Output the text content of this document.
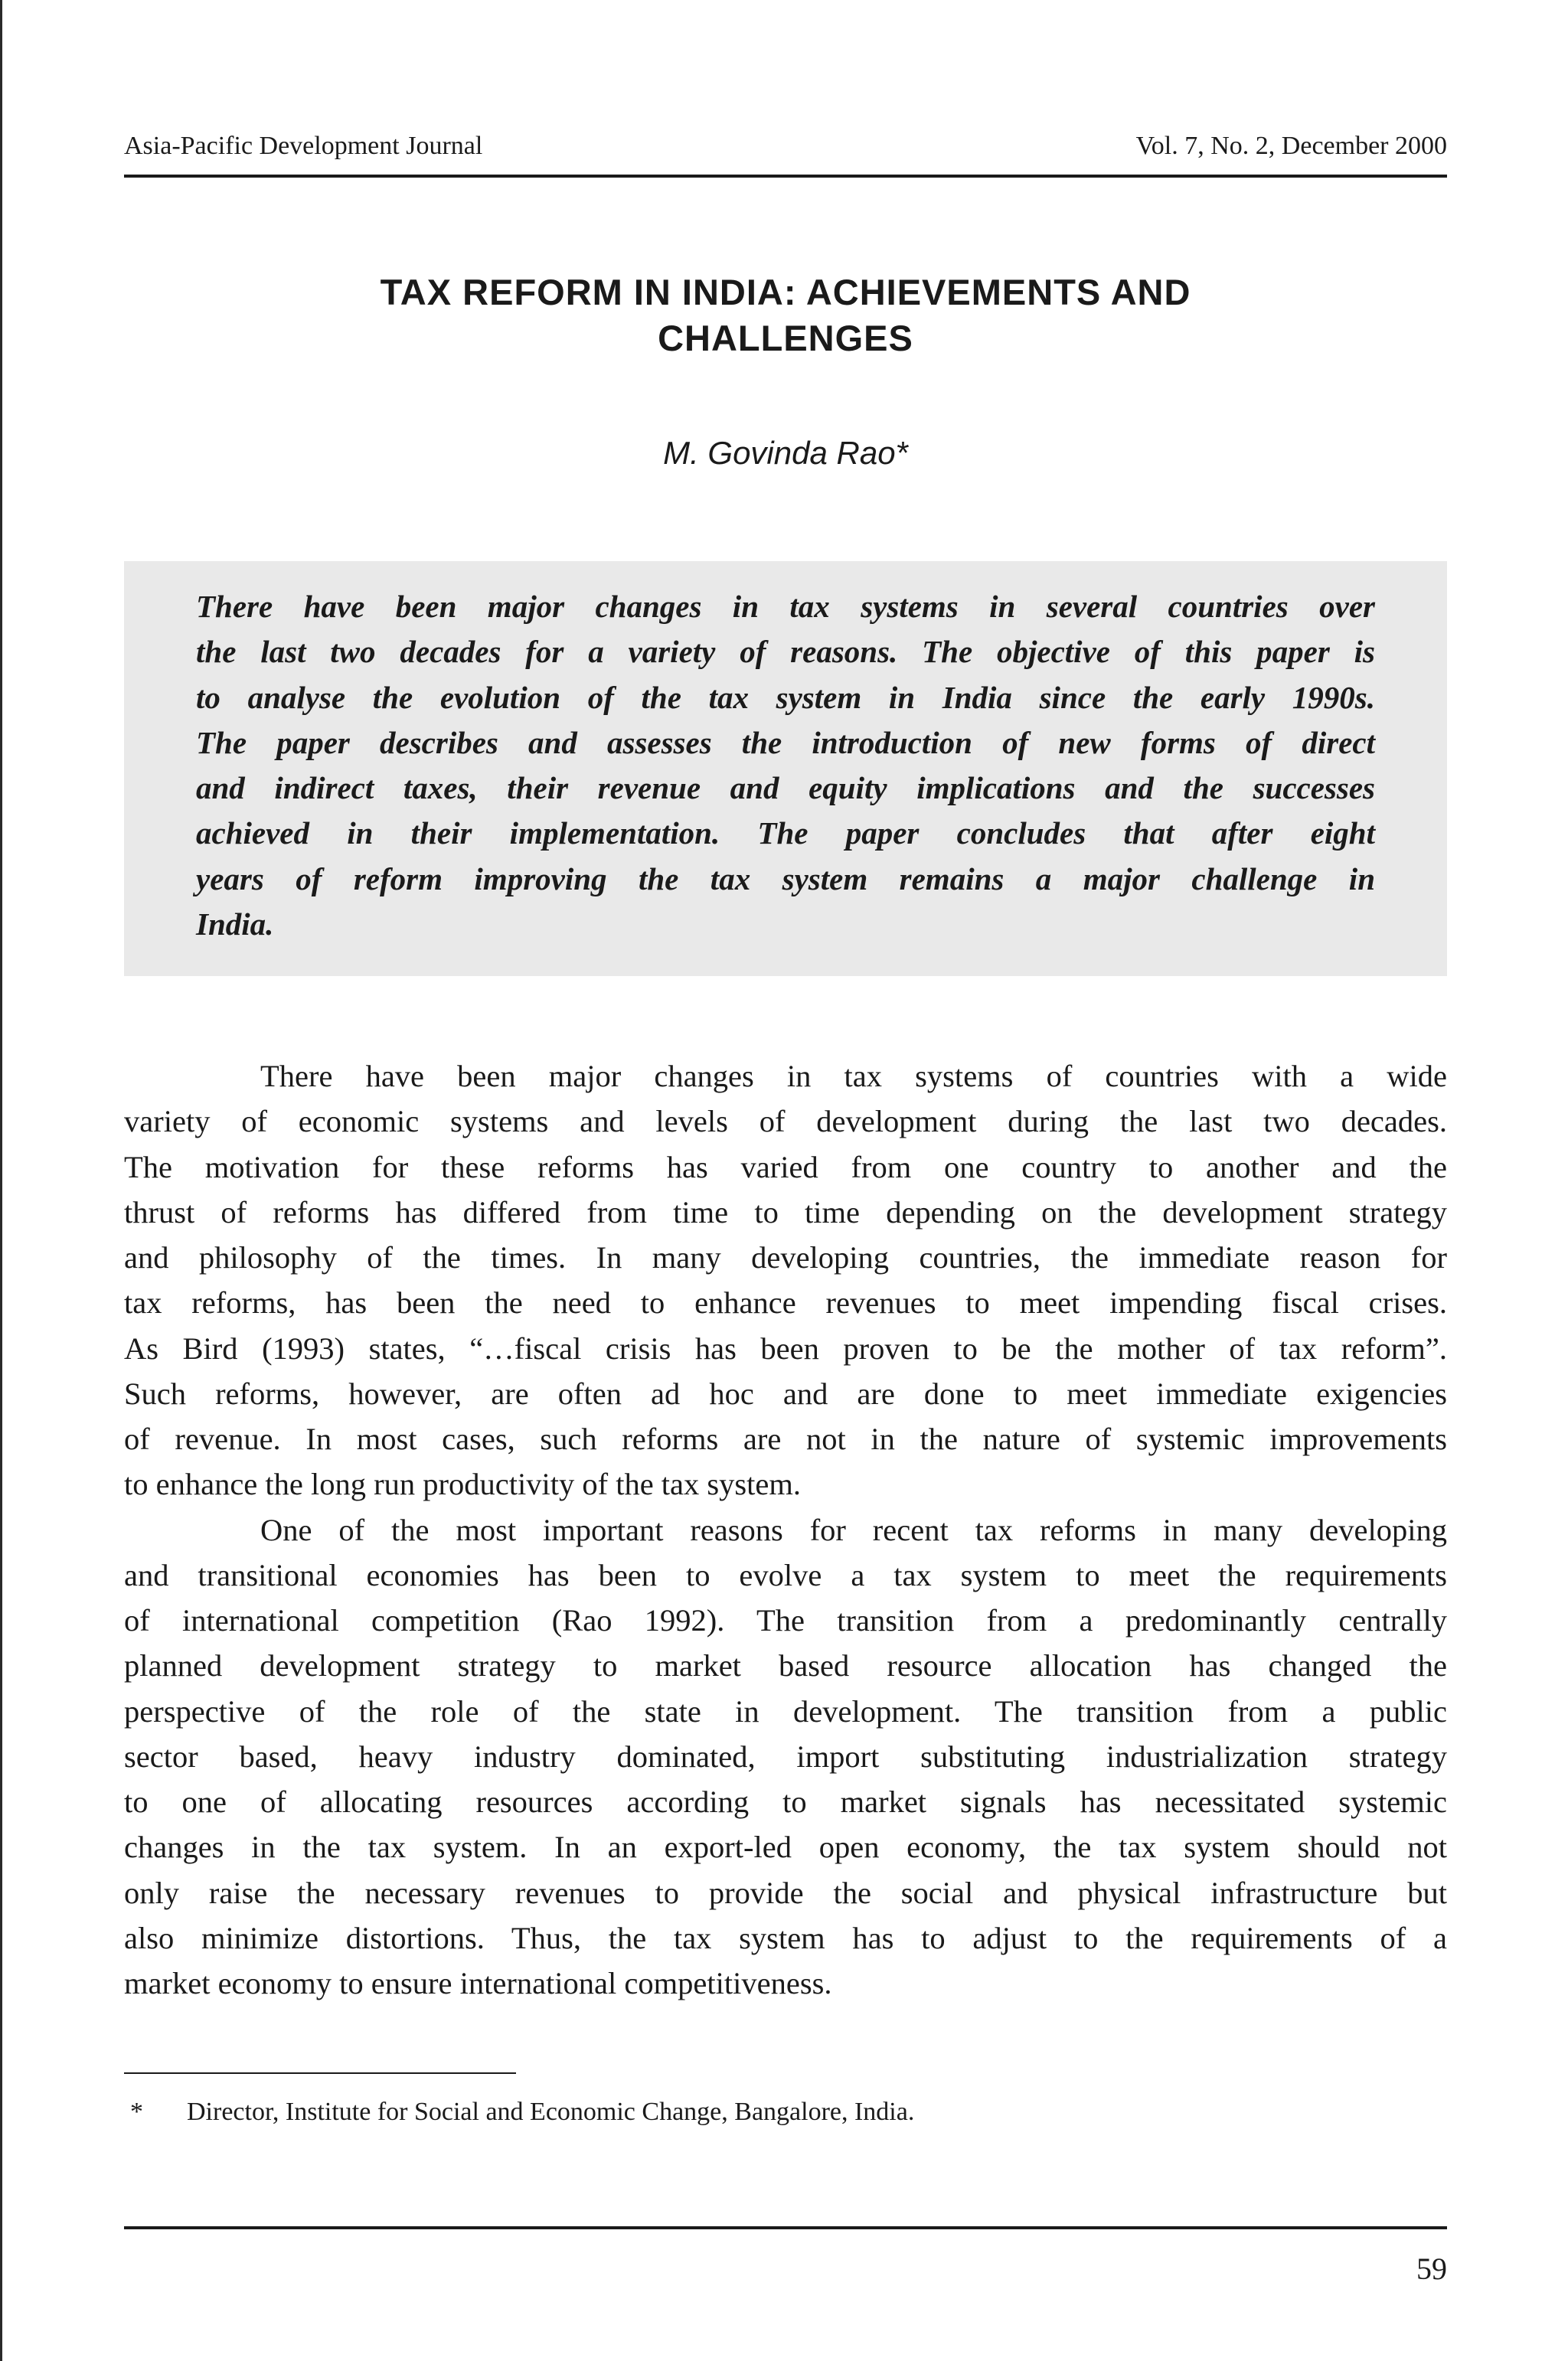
Asia-Pacific Development Journal	Vol. 7, No. 2, December 2000
TAX REFORM IN INDIA: ACHIEVEMENTS AND
CHALLENGES
M. Govinda Rao*
There have been major changes in tax systems in several countries over
the last two decades for a variety of reasons. The objective of this paper is
to analyse the evolution of the tax system in India since the early 1990s.
The paper describes and assesses the introduction of new forms of direct
and indirect taxes, their revenue and equity implications and the successes
achieved in their implementation. The paper concludes that after eight
years of reform improving the tax system remains a major challenge in
India.
There have been major changes in tax systems of countries with a wide
variety of economic systems and levels of development during the last two decades.
The motivation for these reforms has varied from one country to another and the
thrust of reforms has differed from time to time depending on the development strategy
and philosophy of the times. In many developing countries, the immediate reason for
tax reforms, has been the need to enhance revenues to meet impending fiscal crises.
As Bird (1993) states, “…fiscal crisis has been proven to be the mother of tax reform”.
Such reforms, however, are often ad hoc and are done to meet immediate exigencies
of revenue. In most cases, such reforms are not in the nature of systemic improvements
to enhance the long run productivity of the tax system.
One of the most important reasons for recent tax reforms in many developing
and transitional economies has been to evolve a tax system to meet the requirements
of international competition (Rao 1992). The transition from a predominantly centrally
planned development strategy to market based resource allocation has changed the
perspective of the role of the state in development. The transition from a public
sector based, heavy industry dominated, import substituting industrialization strategy
to one of allocating resources according to market signals has necessitated systemic
changes in the tax system. In an export-led open economy, the tax system should not
only raise the necessary revenues to provide the social and physical infrastructure but
also minimize distortions. Thus, the tax system has to adjust to the requirements of a
market economy to ensure international competitiveness.
*	Director, Institute for Social and Economic Change, Bangalore, India.
59
